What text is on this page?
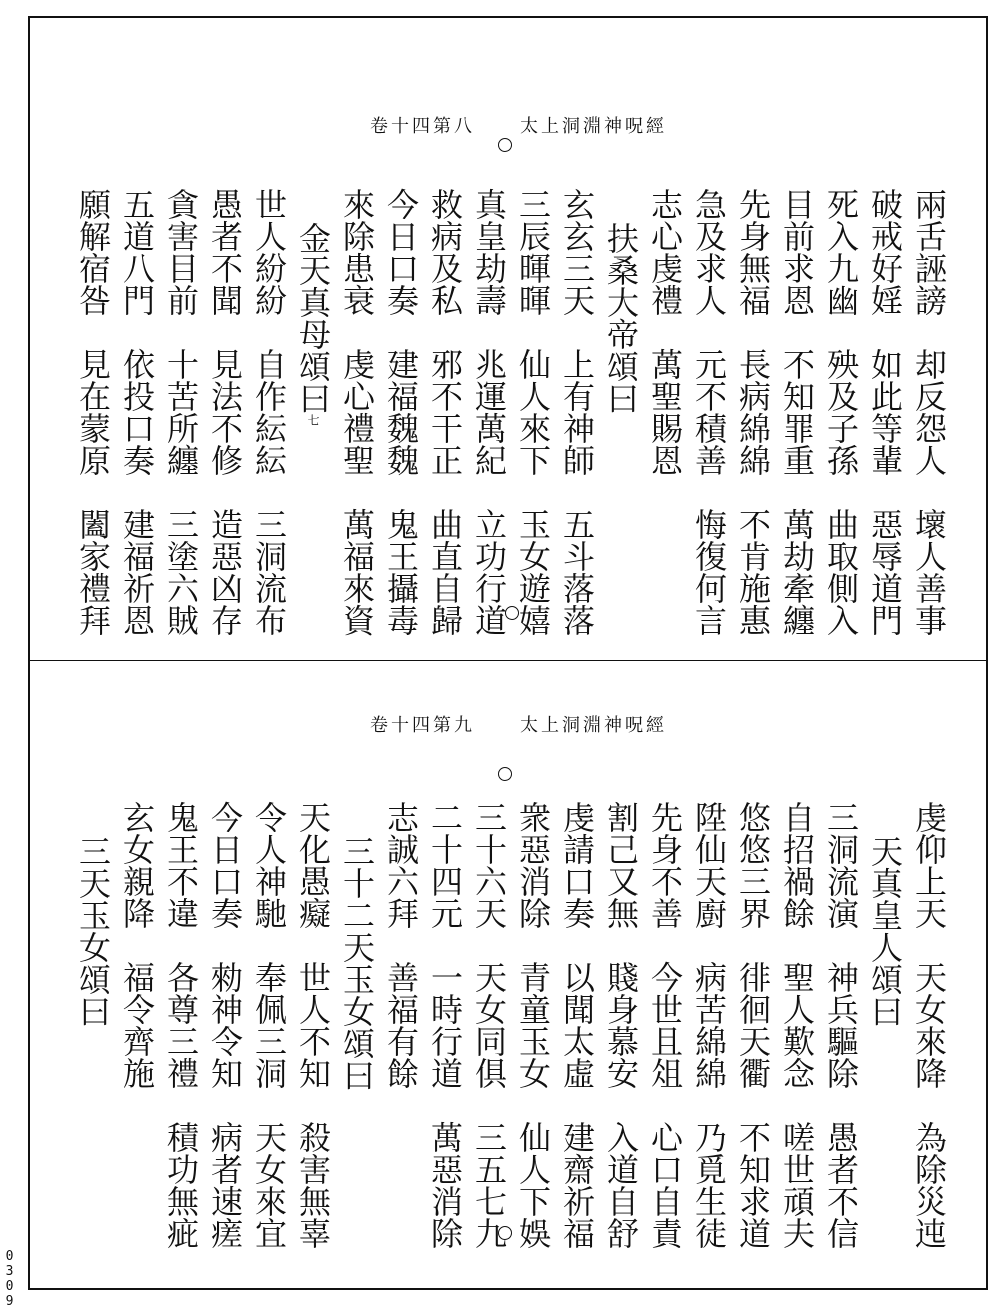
太上洞淵神呪經
卷十四第八
兩舌誣謗　却反怨人　壞人善事
破戒好婬　如此等輩　惡辱道門
死入九幽　殃及子孫　曲取側入
目前求恩　不知罪重　萬劫牽纏
先身無福　長病綿綿　不肯施惠
急及求人　元不積善　悔復何言
志心虔禮　萬聖賜恩
扶桑大帝頌曰
玄玄三天　上有神師　五斗落落
三辰暉暉　仙人來下　玉女遊嬉
真皇劫壽　兆運萬紀　立功行道
救病及私　邪不干正　曲直自歸
今日口奏　建福魏魏　鬼王攝毒
來除患衰　虔心禮聖　萬福來資
金天真母頌曰七
世人紛紛　自作紜紜　三洞流布
愚者不聞　見法不修　造惡凶存
貪害目前　十苦所纏　三塗六賊
五道八門　依投口奏　建福祈恩
願解宿咎　見在蒙原　闔家禮拜
太上洞淵神呪經
卷十四第九
虔仰上天　天女來降　為除災迍
天真皇人頌曰
三洞流演　神兵驅除　愚者不信
自招禍餘　聖人歎念　嗟世頑夫
悠悠三界　徘徊天衢　不知求道
陞仙天廚　病苦綿綿　乃覓生徒
先身不善　今世且俎　心口自責
割己又無　賤身慕安　入道自舒
虔請口奏　以聞太虛　建齋祈福
衆惡消除　青童玉女　仙人下娛
三十六天　天女同俱　三五七九
二十四元　一時行道　萬惡消除
志誠六拜　善福有餘
三十二天玉女頌曰
天化愚癡　世人不知　殺害無辜
令人神馳　奉佩三洞　天女來宜
今日口奏　勑神令知　病者速瘥
鬼王不違　各尊三禮　積功無疵
玄女親降　福令齊施
三天玉女頌曰
0309
